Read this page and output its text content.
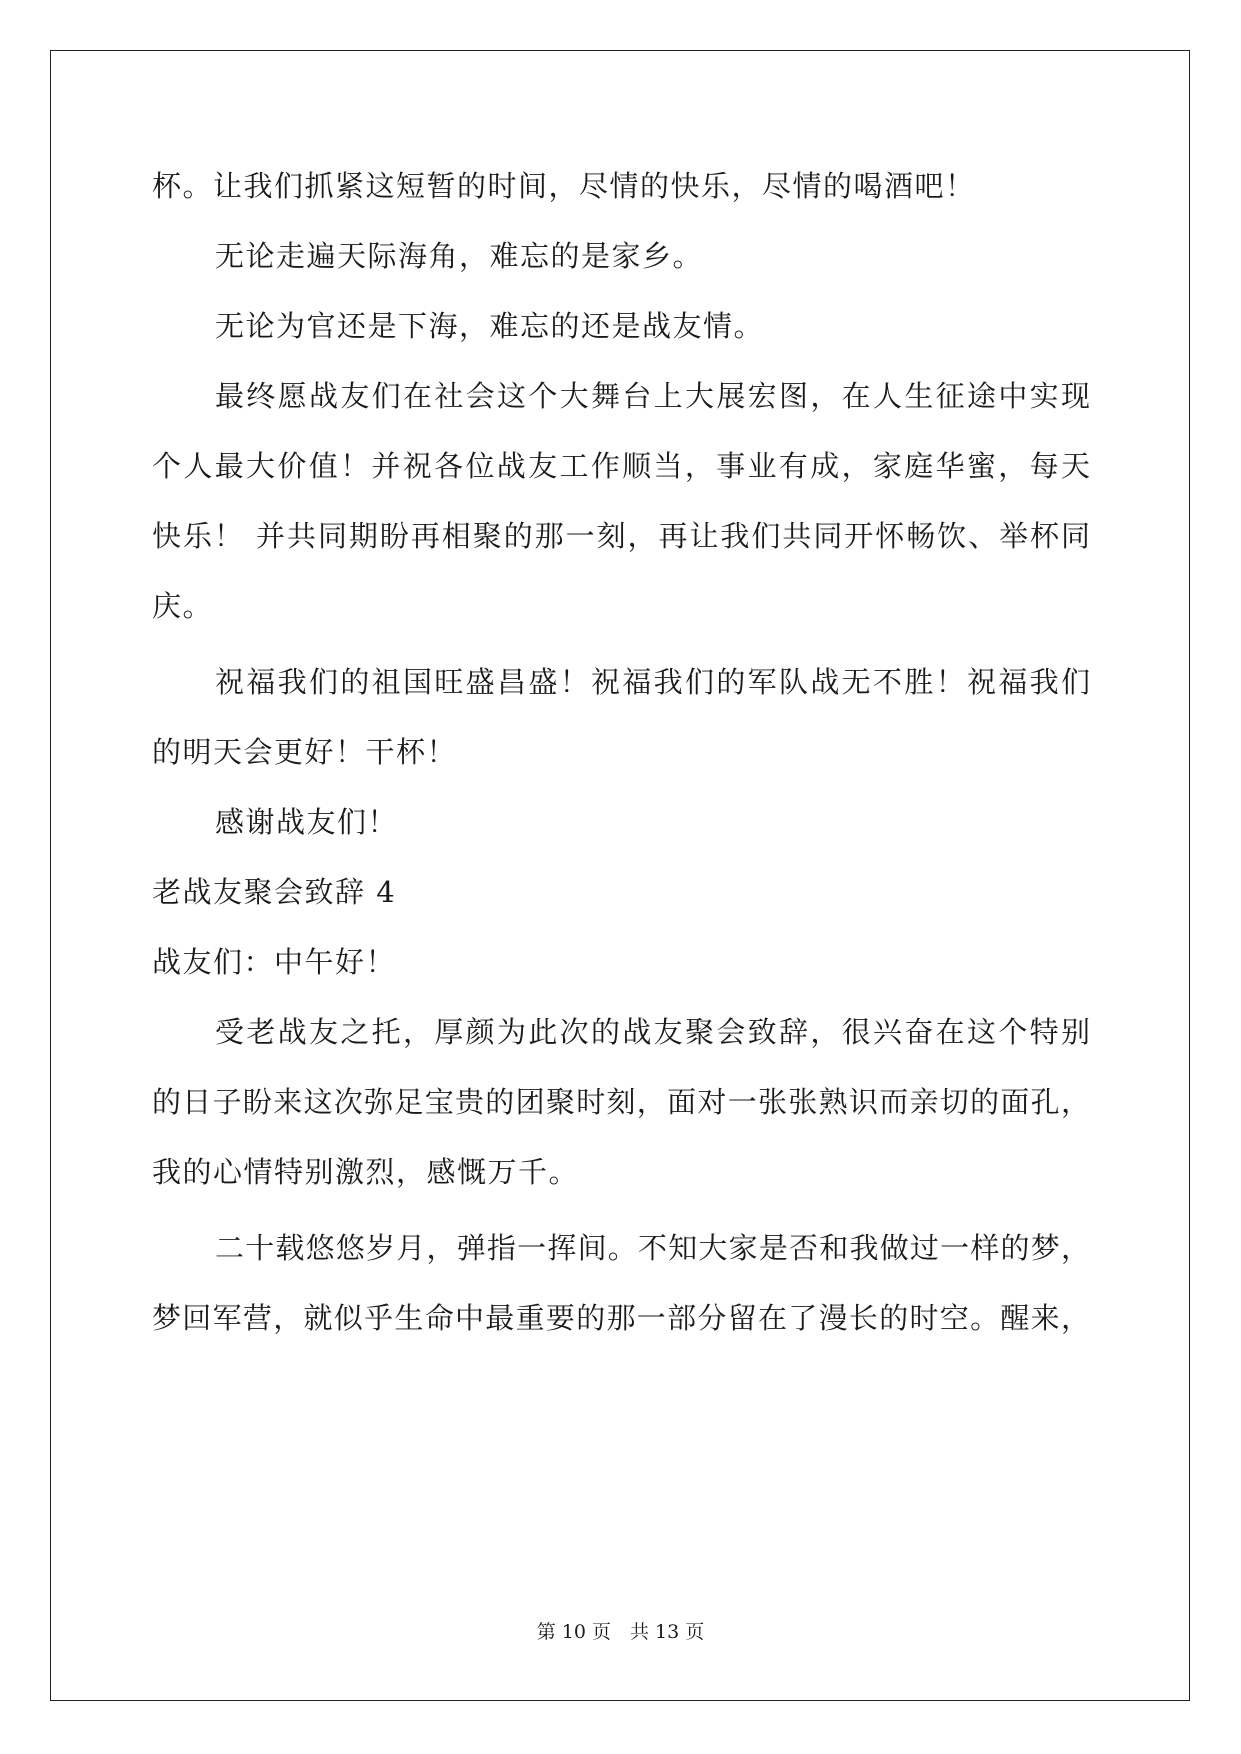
杯。让我们抓紧这短暂的时间，尽情的快乐，尽情的喝酒吧！
无论走遍天际海角，难忘的是家乡。
无论为官还是下海，难忘的还是战友情。
最终愿战友们在社会这个大舞台上大展宏图，在人生征途中实现
个人最大价值！并祝各位战友工作顺当，事业有成，家庭华蜜，每天
快乐！ 并共同期盼再相聚的那一刻，再让我们共同开怀畅饮、举杯同
庆。
祝福我们的祖国旺盛昌盛！祝福我们的军队战无不胜！祝福我们
的明天会更好！干杯！
感谢战友们！
老战友聚会致辞 4
战友们：中午好！
受老战友之托，厚颜为此次的战友聚会致辞，很兴奋在这个特别
的日子盼来这次弥足宝贵的团聚时刻，面对一张张熟识而亲切的面孔，
我的心情特别激烈，感慨万千。
二十载悠悠岁月，弹指一挥间。不知大家是否和我做过一样的梦，
梦回军营，就似乎生命中最重要的那一部分留在了漫长的时空。醒来，
第 10 页　共 13 页
